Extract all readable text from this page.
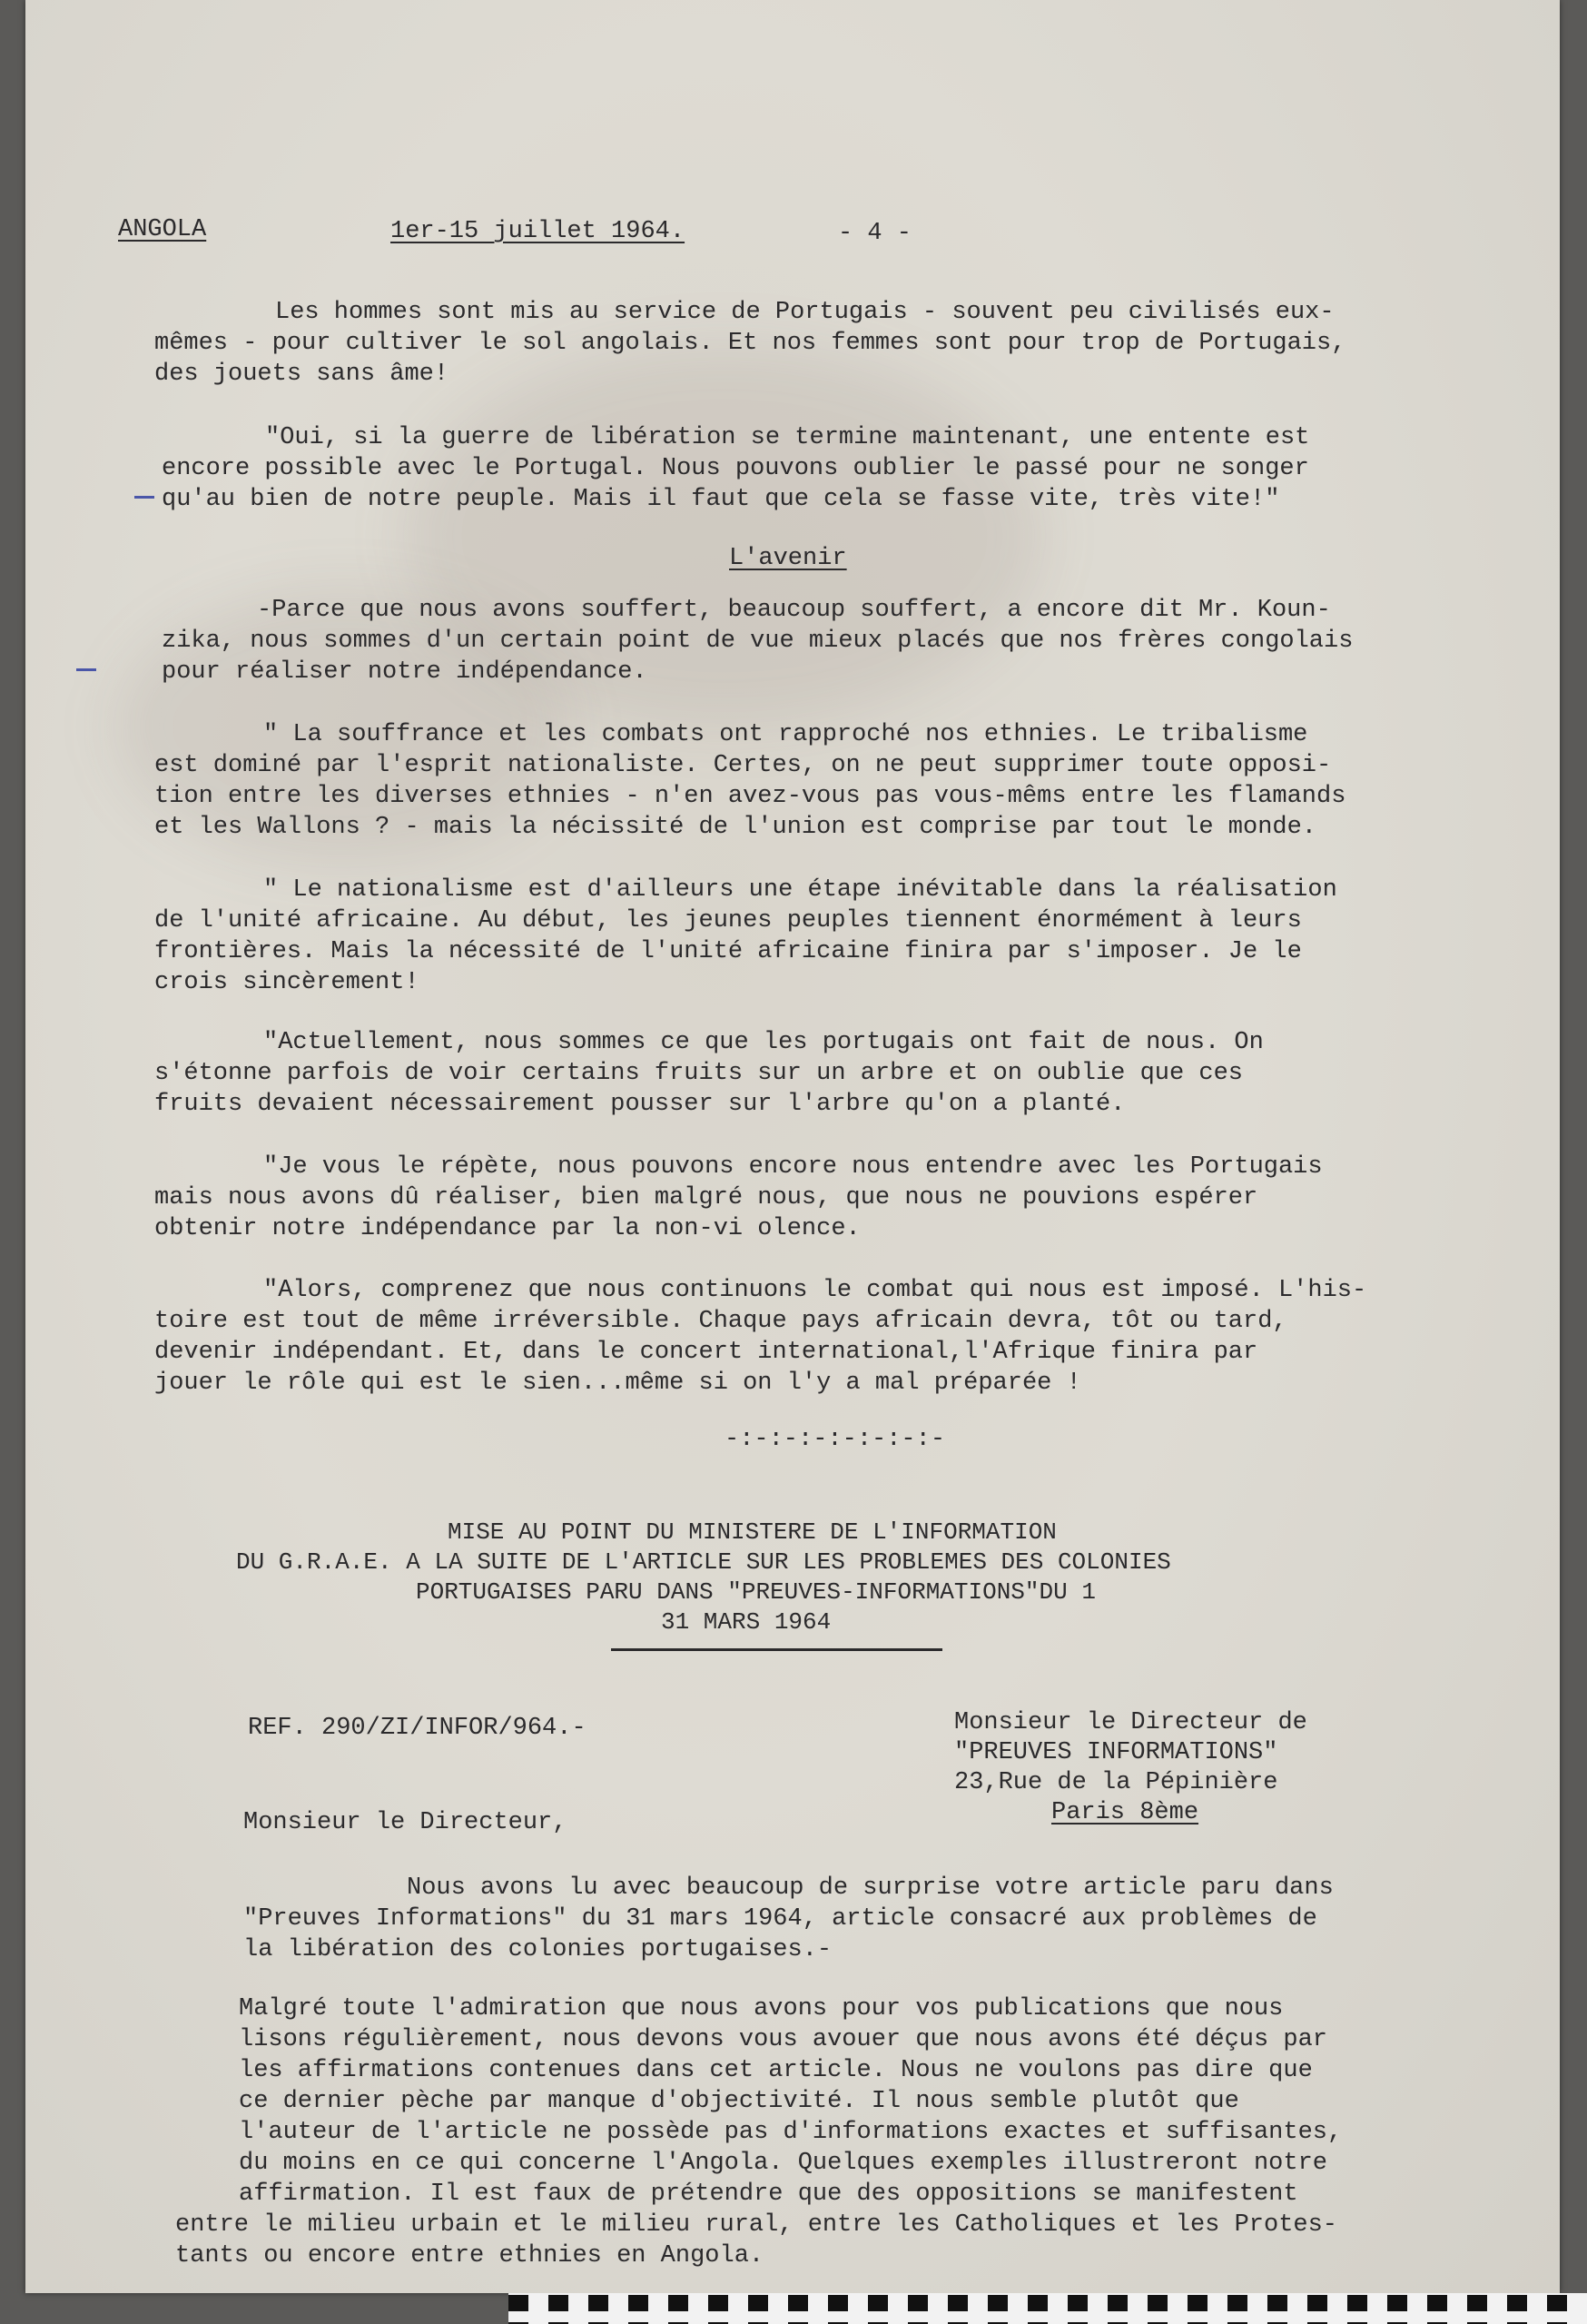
ANGOLA	1er-15 juillet 1964.	- 4 -

Les hommes sont mis au service de Portugais - souvent peu civilisés eux-

mêmes - pour cultiver le sol angolais. Et nos femmes sont pour trop de Portugais,

des jouets sans âme!

"Oui, si la guerre de libération se termine maintenant, une entente est

encore possible avec le Portugal. Nous pouvons oublier le passé pour ne songer

qu'au bien de notre peuple. Mais il faut que cela se fasse vite, très vite!"

L'avenir

-Parce que nous avons souffert, beaucoup souffert, a encore dit Mr. Koun-

zika, nous sommes d'un certain point de vue mieux placés que nos frères congolais

pour réaliser notre indépendance.

" La souffrance et les combats ont rapproché nos ethnies. Le tribalisme

est dominé par l'esprit nationaliste. Certes, on ne peut supprimer toute opposi-

tion entre les diverses ethnies - n'en avez-vous pas vous-mêms entre les flamands

et les Wallons ? - mais la nécissité de l'union est comprise par tout le monde.

" Le nationalisme est d'ailleurs une étape inévitable dans la réalisation

de l'unité africaine. Au début, les jeunes peuples tiennent énormément à leurs

frontières. Mais la nécessité de l'unité africaine finira par s'imposer. Je le

crois sincèrement!

"Actuellement, nous sommes ce que les portugais ont fait de nous. On

s'étonne parfois de voir certains fruits sur un arbre et on oublie que ces

fruits devaient nécessairement pousser sur l'arbre qu'on a planté.

"Je vous le répète, nous pouvons encore nous entendre avec les Portugais

mais nous avons dû réaliser, bien malgré nous, que nous ne pouvions espérer

obtenir notre indépendance par la non-vi olence.

"Alors, comprenez que nous continuons le combat qui nous est imposé. L'his-

toire est tout de même irréversible. Chaque pays africain devra, tôt ou tard,

devenir indépendant. Et, dans le concert international,l'Afrique finira par

jouer le rôle qui est le sien...même si on l'y a mal préparée !

-:-:-:-:-:-:-:-

MISE AU POINT DU MINISTERE DE L'INFORMATION

DU G.R.A.E. A LA SUITE DE L'ARTICLE SUR LES PROBLEMES DES COLONIES

PORTUGAISES PARU DANS "PREUVES-INFORMATIONS"DU 1

31 MARS 1964

REF. 290/ZI/INFOR/964.-	Monsieur le Directeur de

"PREUVES INFORMATIONS"

23,Rue de la Pépinière

Paris 8ème

Monsieur le Directeur,

Nous avons lu avec beaucoup de surprise votre article paru dans

"Preuves Informations" du 31 mars 1964, article consacré aux problèmes de

la libération des colonies portugaises.-

Malgré toute l'admiration que nous avons pour vos publications que nous

lisons régulièrement, nous devons vous avouer que nous avons été déçus par

les affirmations contenues dans cet article. Nous ne voulons pas dire que

ce dernier pèche par manque d'objectivité. Il nous semble plutôt que

l'auteur de l'article ne possède pas d'informations exactes et suffisantes,

du moins en ce qui concerne l'Angola. Quelques exemples illustreront notre

affirmation. Il est faux de prétendre que des oppositions se manifestent

entre le milieu urbain et le milieu rural, entre les Catholiques et les Protes-

tants ou encore entre ethnies en Angola.
